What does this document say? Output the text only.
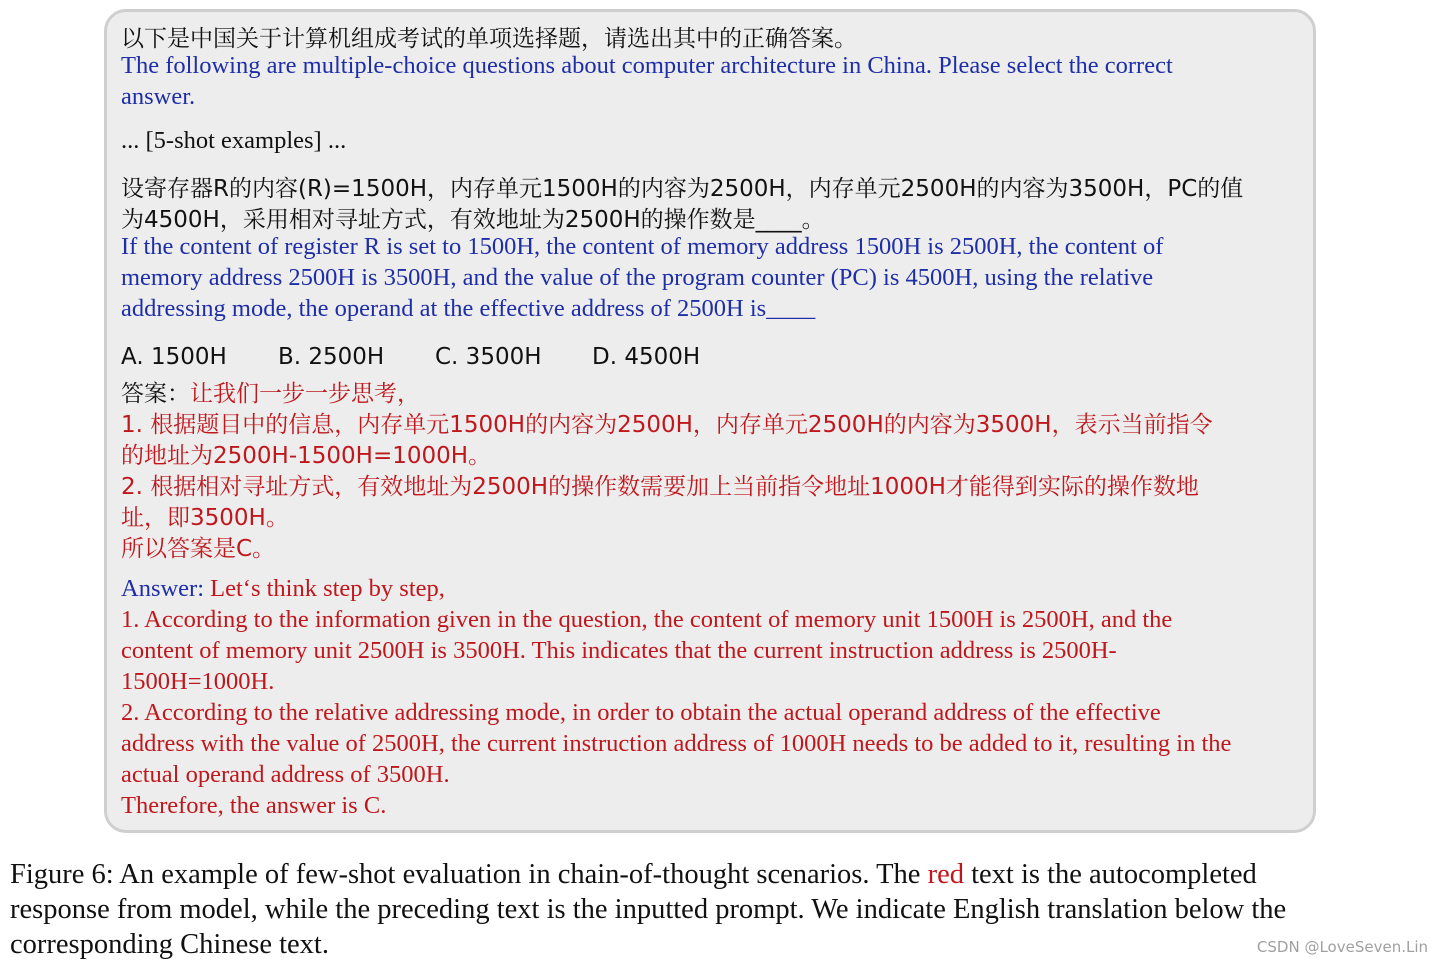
以下是中国关于计算机组成考试的单项选择题，请选出其中的正确答案。
The following are multiple-choice questions about computer architecture in China. Please select the correct
answer.
... [5-shot examples] ...
设寄存器R的内容(R)=1500H，内存单元1500H的内容为2500H，内存单元2500H的内容为3500H，PC的值
为4500H，采用相对寻址方式，有效地址为2500H的操作数是____。
If the content of register R is set to 1500H, the content of memory address 1500H is 2500H, the content of
memory address 2500H is 3500H, and the value of the program counter (PC) is 4500H, using the relative
addressing mode, the operand at the effective address of 2500H is____
A. 1500H B. 2500H C. 3500H D. 4500H
答案：让我们一步一步思考，
1. 根据题目中的信息，内存单元1500H的内容为2500H，内存单元2500H的内容为3500H，表示当前指令
的地址为2500H-1500H=1000H。
2. 根据相对寻址方式，有效地址为2500H的操作数需要加上当前指令地址1000H才能得到实际的操作数地
址，即3500H。
所以答案是C。
Answer: Let‘s think step by step,
1. According to the information given in the question, the content of memory unit 1500H is 2500H, and the
content of memory unit 2500H is 3500H. This indicates that the current instruction address is 2500H-
1500H=1000H.
2. According to the relative addressing mode, in order to obtain the actual operand address of the effective
address with the value of 2500H, the current instruction address of 1000H needs to be added to it, resulting in the
actual operand address of 3500H.
Therefore, the answer is C.
Figure 6: An example of few-shot evaluation in chain-of-thought scenarios. The red text is the autocompleted
response from model, while the preceding text is the inputted prompt. We indicate English translation below the
corresponding Chinese text.	CSDN @LoveSeven.Lin
